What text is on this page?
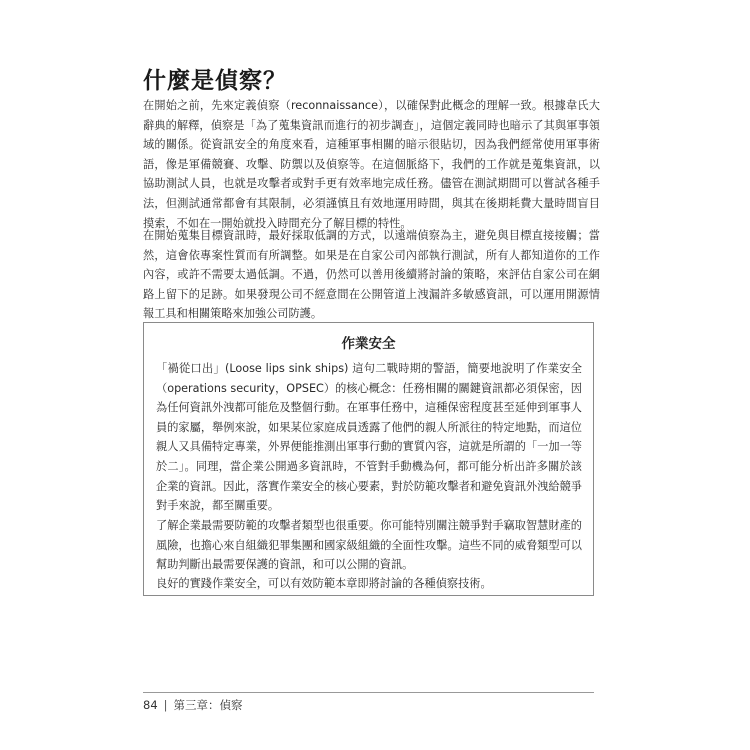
什麼是偵察？

在開始之前，先來定義偵察（reconnaissance），以確保對此概念的理解一致。根據韋氏大辭典的解釋，偵察是「為了蒐集資訊而進行的初步調查」，這個定義同時也暗示了其與軍事領域的關係。從資訊安全的角度來看，這種軍事相關的暗示很貼切，因為我們經常使用軍事術語，像是軍備競賽、攻擊、防禦以及偵察等。在這個脈絡下，我們的工作就是蒐集資訊，以協助測試人員，也就是攻擊者或對手更有效率地完成任務。儘管在測試期間可以嘗試各種手法，但測試通常都會有其限制，必須謹慎且有效地運用時間，與其在後期耗費大量時間盲目摸索，不如在一開始就投入時間充分了解目標的特性。

在開始蒐集目標資訊時，最好採取低調的方式，以遠端偵察為主，避免與目標直接接觸；當然，這會依專案性質而有所調整。如果是在自家公司內部執行測試，所有人都知道你的工作內容，或許不需要太過低調。不過，仍然可以善用後續將討論的策略，來評估自家公司在網路上留下的足跡。如果發現公司不經意間在公開管道上洩漏許多敏感資訊，可以運用開源情報工具和相關策略來加強公司防護。

作業安全

「禍從口出」(Loose lips sink ships) 這句二戰時期的警語，簡要地說明了作業安全（operations security，OPSEC）的核心概念：任務相關的關鍵資訊都必須保密，因為任何資訊外洩都可能危及整個行動。在軍事任務中，這種保密程度甚至延伸到軍事人員的家屬，舉例來說，如果某位家庭成員透露了他們的親人所派往的特定地點，而這位親人又具備特定專業，外界便能推測出軍事行動的實質內容，這就是所謂的「一加一等於二」。同理，當企業公開過多資訊時，不管對手動機為何，都可能分析出許多關於該企業的資訊。因此，落實作業安全的核心要素，對於防範攻擊者和避免資訊外洩給競爭對手來說，都至關重要。

了解企業最需要防範的攻擊者類型也很重要。你可能特別關注競爭對手竊取智慧財產的風險，也擔心來自組織犯罪集團和國家級組織的全面性攻擊。這些不同的威脅類型可以幫助判斷出最需要保護的資訊，和可以公開的資訊。

良好的實踐作業安全，可以有效防範本章即將討論的各種偵察技術。

84 | 第三章：偵察
